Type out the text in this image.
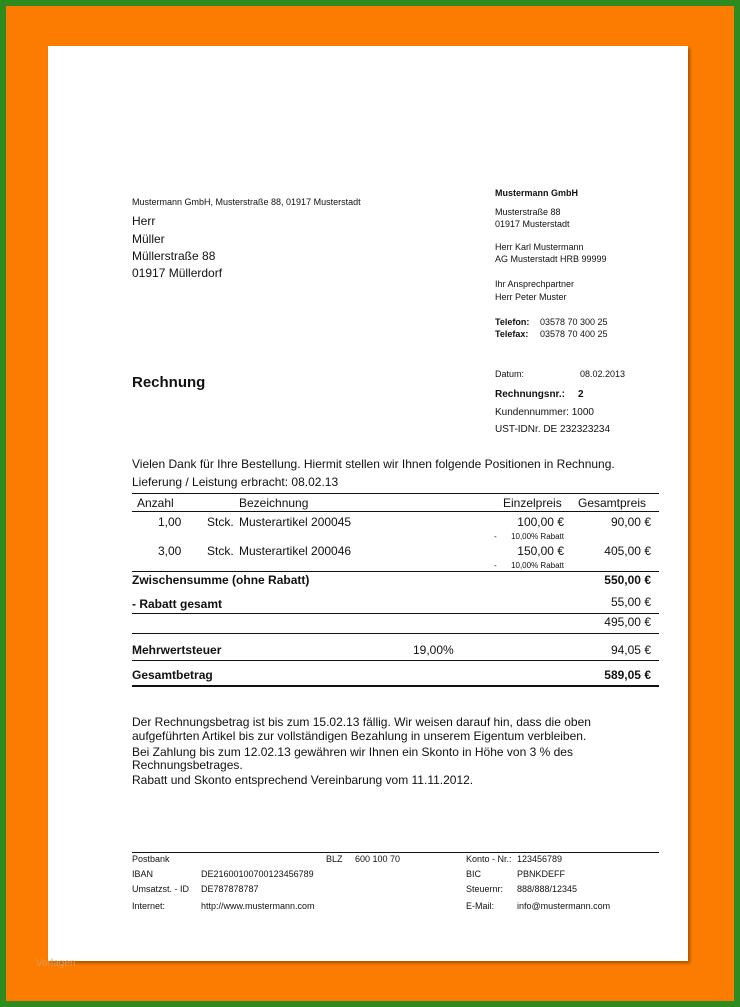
Mustermann GmbH, Musterstraße 88, 01917 Musterstadt
Herr
Müller
Müllerstraße 88
01917 Müllerdorf
Mustermann GmbH
Musterstraße 88
01917 Musterstadt
Herr Karl Mustermann
AG Musterstadt HRB 99999
Ihr Ansprechpartner
Herr Peter Muster
Telefon: 03578 70 300 25
Telefax: 03578 70 400 25
Rechnung	Datum:	08.02.2013
Rechnungsnr.: 2
Kundennummer: 1000
UST-IDNr. DE 232323234
Vielen Dank für Ihre Bestellung. Hiermit stellen wir Ihnen folgende Positionen in Rechnung.
Lieferung / Leistung erbracht: 08.02.13
Anzahl	Bezeichnung	Einzelpreis Gesamtpreis
1,00 Stck. Musterartikel 200045	100,00 €	90,00 €
-	10,00% Rabatt
3,00 Stck. Musterartikel 200046	150,00 €	405,00 €
-	10,00% Rabatt
Zwischensumme (ohne Rabatt)	550,00 €
- Rabatt gesamt	55,00 €
495,00 €
Mehrwertsteuer	19,00%	94,05 €
Gesamtbetrag	589,05 €
Der Rechnungsbetrag ist bis zum 15.02.13 fällig. Wir weisen darauf hin, dass die oben
aufgeführten Artikel bis zur vollständigen Bezahlung in unserem Eigentum verbleiben.
Bei Zahlung bis zum 12.02.13 gewähren wir Ihnen ein Skonto in Höhe von 3 % des
Rechnungsbetrages.
Rabatt und Skonto entsprechend Vereinbarung vom 11.11.2012.
Postbank	BLZ 600 100 70	Konto - Nr.: 123456789
IBAN	DE21600100700123456789	BIC	PBNKDEFF
Umsatzst. - ID DE787878787	Steuernr: 888/888/12345
Internet:	http://www.mustermann.com	E-Mail:	info@mustermann.com
Vorlagen
